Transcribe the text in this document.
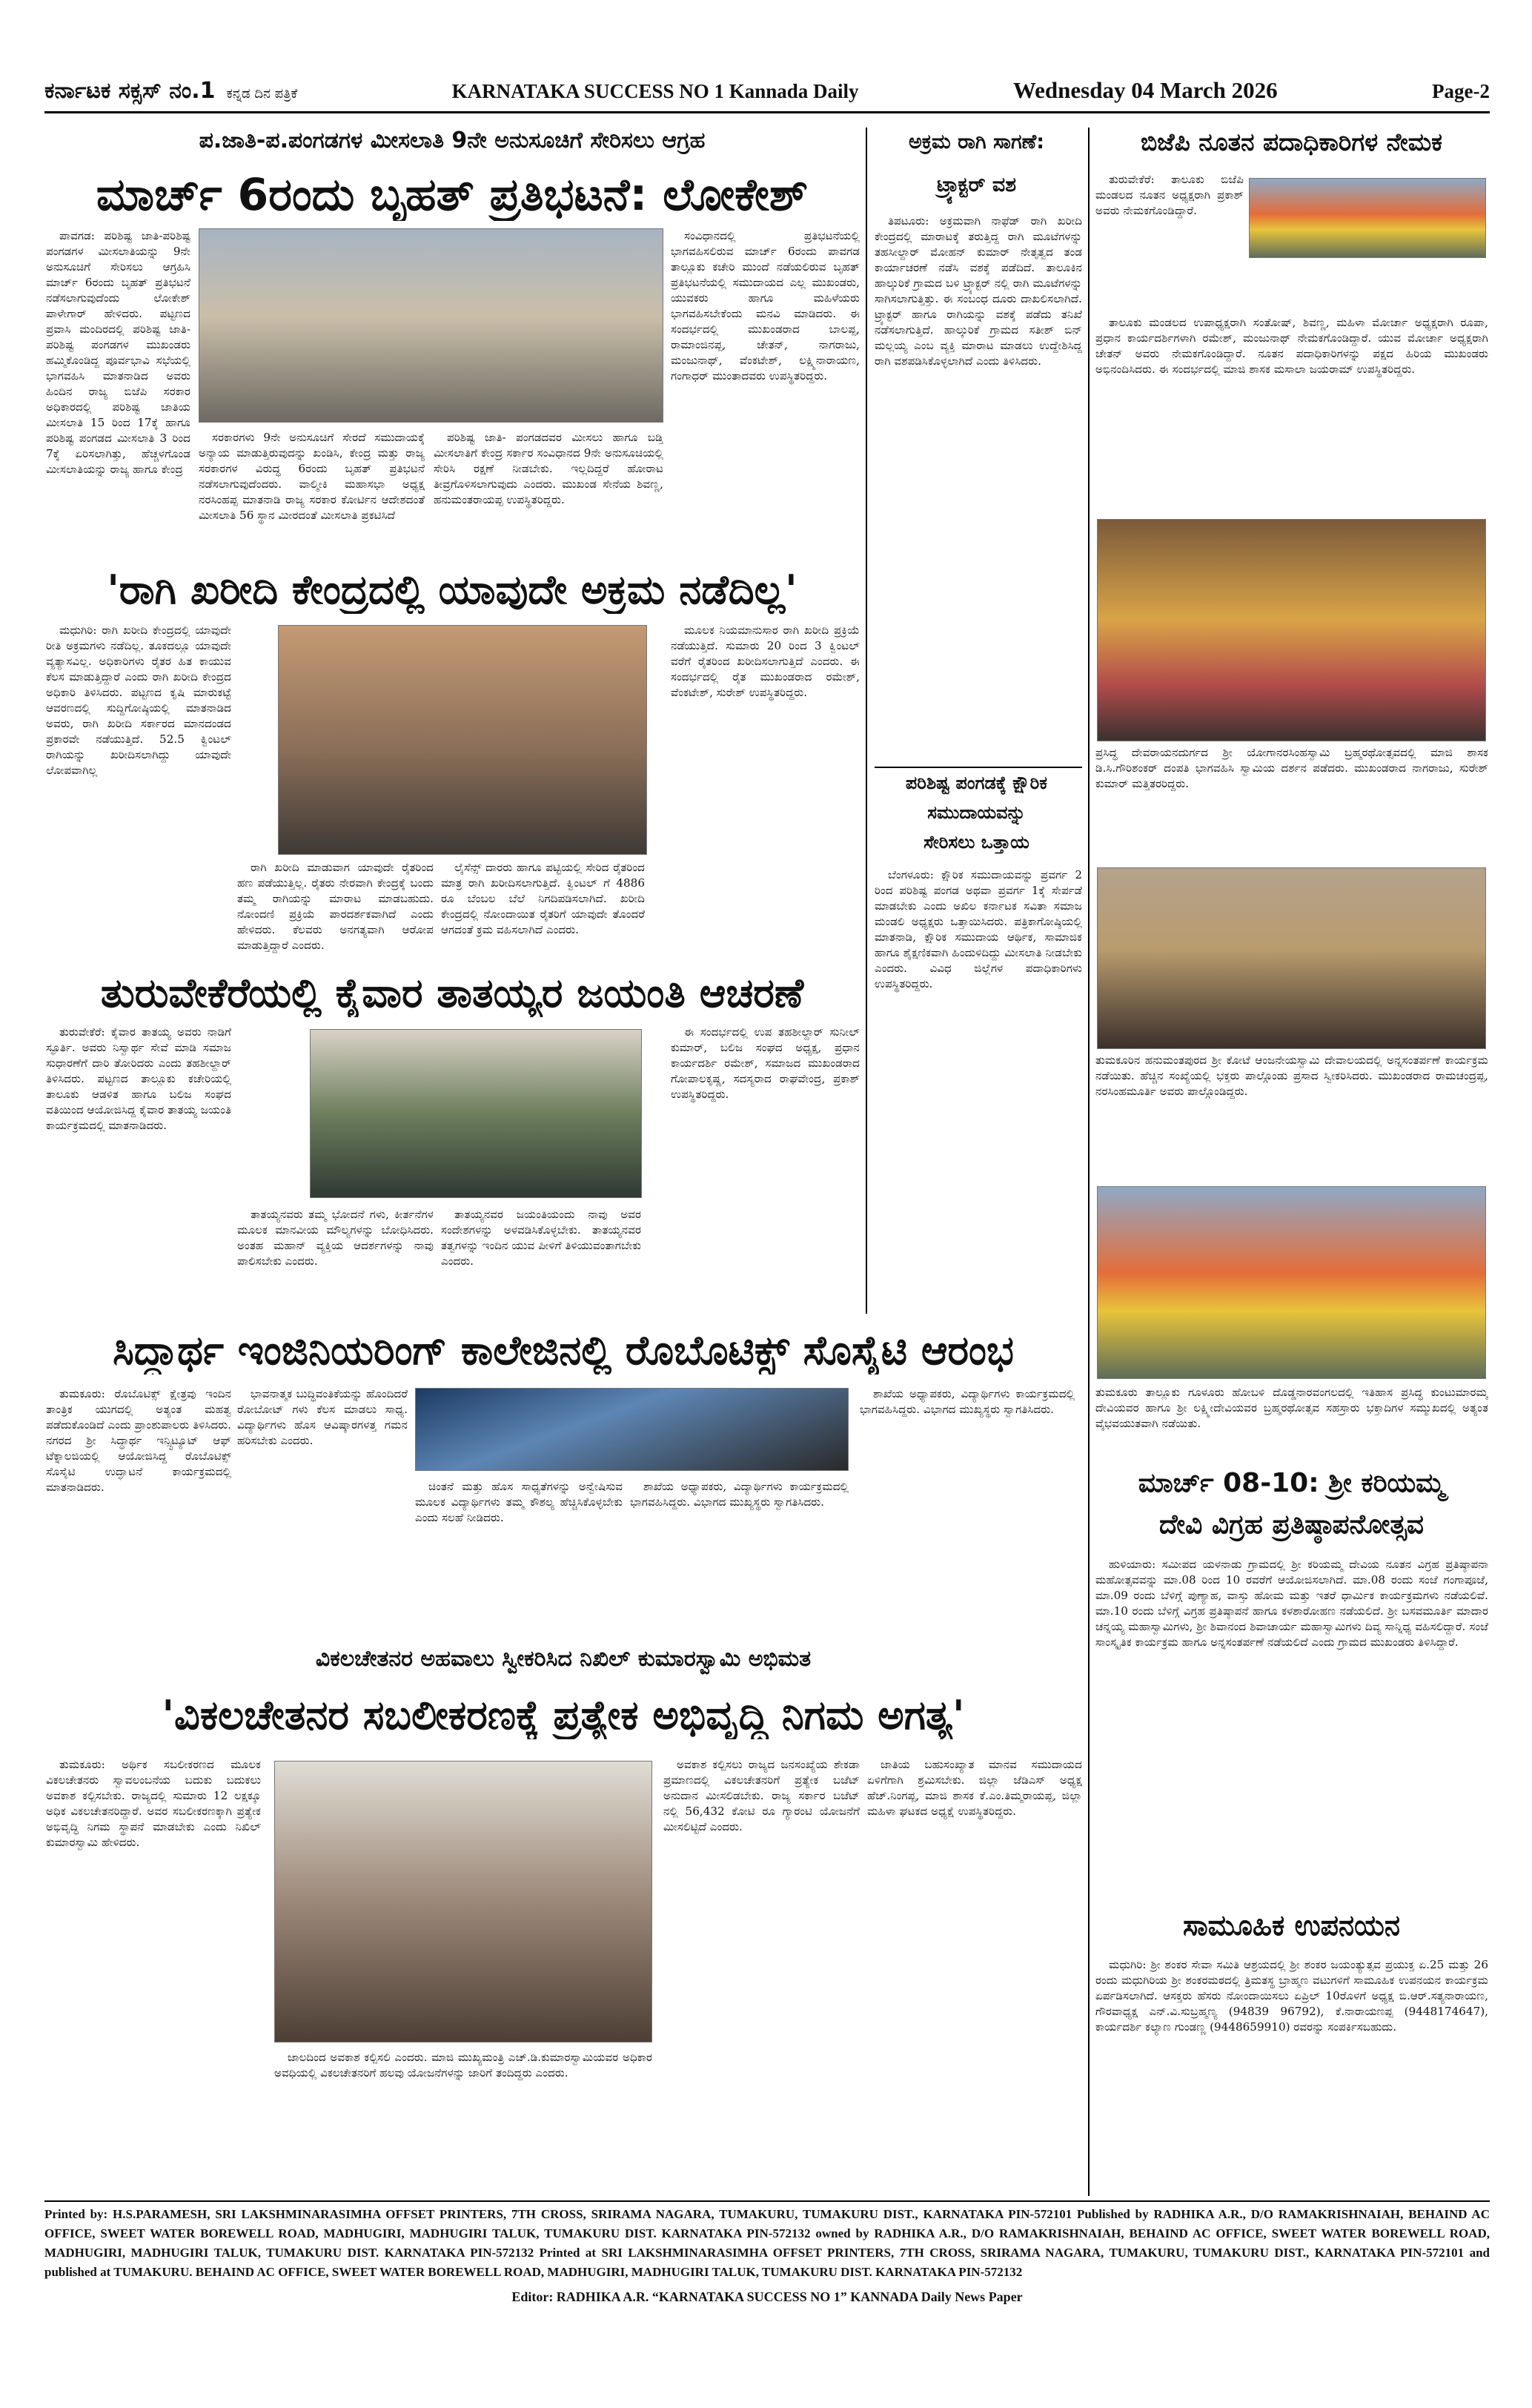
ಕರ್ನಾಟಕ ಸಕ್ಸಸ್ ನಂ.1 ಕನ್ನಡ ದಿನ ಪತ್ರಿಕೆ	KARNATAKA SUCCESS NO 1 Kannada Daily	Wednesday 04 March 2026	Page-2
ಪ.ಜಾತಿ-ಪ.ಪಂಗಡಗಳ ಮೀಸಲಾತಿ 9ನೇ ಅನುಸೂಚಿಗೆ ಸೇರಿಸಲು ಆಗ್ರಹ
ಮಾರ್ಚ್ 6ರಂದು ಬೃಹತ್ ಪ್ರತಿಭಟನೆ: ಲೋಕೇಶ್

ಪಾವಗಡ: ಪರಿಶಿಷ್ಟ ಜಾತಿ-ಪರಿಶಿಷ್ಟ ಪಂಗಡಗಳ ಮೀಸಲಾತಿಯನ್ನು 9ನೇ ಅನುಸೂಚಿಗೆ ಸೇರಿಸಲು ಆಗ್ರಹಿಸಿ ಮಾರ್ಚ್ 6ರಂದು ಬೃಹತ್ ಪ್ರತಿಭಟನೆ ನಡೆಸಲಾಗುವುದೆಂದು ಲೋಕೇಶ್ ಪಾಳೇಗಾರ್ ಹೇಳಿದರು. ಪಟ್ಟಣದ ಪ್ರವಾಸಿ ಮಂದಿರದಲ್ಲಿ ಪರಿಶಿಷ್ಟ ಜಾತಿ-ಪರಿಶಿಷ್ಟ ಪಂಗಡಗಳ ಮುಖಂಡರು ಹಮ್ಮಿಕೊಂಡಿದ್ದ ಪೂರ್ವಭಾವಿ ಸಭೆಯಲ್ಲಿ ಭಾಗವಹಿಸಿ ಮಾತನಾಡಿದ ಅವರು ಹಿಂದಿನ ರಾಜ್ಯ ಬಿಜೆಪಿ ಸರಕಾರ ಅಧಿಕಾರದಲ್ಲಿ ಪರಿಶಿಷ್ಟ ಜಾತಿಯ ಮೀಸಲಾತಿ 15 ರಿಂದ 17ಕ್ಕೆ ಹಾಗೂ ಪರಿಶಿಷ್ಟ ಪಂಗಡದ ಮೀಸಲಾತಿ 3 ರಿಂದ 7ಕ್ಕೆ ಏರಿಸಲಾಗಿತ್ತು, ಹೆಚ್ಚಳಗೊಂಡ ಮೀಸಲಾತಿಯನ್ನು ರಾಜ್ಯ ಹಾಗೂ ಕೇಂದ್ರ

ಸರಕಾರಗಳು 9ನೇ ಅನುಸೂಚಿಗೆ ಸೇರದೆ ಸಮುದಾಯಕ್ಕೆ ಅನ್ಯಾಯ ಮಾಡುತ್ತಿರುವುದನ್ನು ಖಂಡಿಸಿ, ಕೇಂದ್ರ ಮತ್ತು ರಾಜ್ಯ ಸರಕಾರಗಳ ವಿರುದ್ಧ 6ರಂದು ಬೃಹತ್ ಪ್ರತಿಭಟನೆ ನಡೆಸಲಾಗುವುದೆಂದರು. ವಾಲ್ಮೀಕಿ ಮಹಾಸಭಾ ಅಧ್ಯಕ್ಷ ನರಸಿಂಹಪ್ಪ ಮಾತನಾಡಿ ರಾಜ್ಯ ಸರಕಾರ ಕೋರ್ಟಿನ ಆದೇಶದಂತೆ ಮೀಸಲಾತಿ 56 ಸ್ಥಾನ ಮೀರದಂತೆ ಮೀಸಲಾತಿ ಪ್ರಕಟಿಸಿದೆ

ಪರಿಶಿಷ್ಟ ಜಾತಿ- ಪಂಗಡದವರ ಮೀಸಲು ಹಾಗೂ ಬಡ್ತಿ ಮೀಸಲಾತಿಗೆ ಕೇಂದ್ರ ಸರ್ಕಾರ ಸಂವಿಧಾನದ 9ನೇ ಅನುಸೂಚಿಯಲ್ಲಿ ಸೇರಿಸಿ ರಕ್ಷಣೆ ನೀಡಬೇಕು. ಇಲ್ಲದಿದ್ದರೆ ಹೋರಾಟ ತೀವ್ರಗೊಳಿಸಲಾಗುವುದು ಎಂದರು. ಮುಖಂಡ ಸೇನೆಯ ಶಿವಣ್ಣ, ಹನುಮಂತರಾಯಪ್ಪ ಉಪಸ್ಥಿತರಿದ್ದರು.

ಸಂವಿಧಾನದಲ್ಲಿ ಪ್ರತಿಭಟನೆಯಲ್ಲಿ ಭಾಗವಹಿಸಲಿರುವ ಮಾರ್ಚ್ 6ರಂದು ಪಾವಗಡ ತಾಲ್ಲೂಕು ಕಚೇರಿ ಮುಂದೆ ನಡೆಯಲಿರುವ ಬೃಹತ್ ಪ್ರತಿಭಟನೆಯಲ್ಲಿ ಸಮುದಾಯದ ಎಲ್ಲ ಮುಖಂಡರು, ಯುವಕರು ಹಾಗೂ ಮಹಿಳೆಯರು ಭಾಗವಹಿಸಬೇಕೆಂದು ಮನವಿ ಮಾಡಿದರು. ಈ ಸಂದರ್ಭದಲ್ಲಿ ಮುಖಂಡರಾದ ಬಾಲಪ್ಪ, ರಾಮಾಂಜಿನಪ್ಪ, ಚೇತನ್, ನಾಗರಾಜು, ಮಂಜುನಾಥ್, ವೆಂಕಟೇಶ್, ಲಕ್ಷ್ಮಿನಾರಾಯಣ, ಗಂಗಾಧರ್ ಮುಂತಾದವರು ಉಪಸ್ಥಿತರಿದ್ದರು.

'ರಾಗಿ ಖರೀದಿ ಕೇಂದ್ರದಲ್ಲಿ ಯಾವುದೇ ಅಕ್ರಮ ನಡೆದಿಲ್ಲ'

ಮಧುಗಿರಿ: ರಾಗಿ ಖರೀದಿ ಕೇಂದ್ರದಲ್ಲಿ ಯಾವುದೇ ರೀತಿ ಅಕ್ರಮಗಳು ನಡೆದಿಲ್ಲ. ತೂಕದಲ್ಲೂ ಯಾವುದೇ ವ್ಯತ್ಯಾಸವಿಲ್ಲ. ಅಧಿಕಾರಿಗಳು ರೈತರ ಹಿತ ಕಾಯುವ ಕೆಲಸ ಮಾಡುತ್ತಿದ್ದಾರೆ ಎಂದು ರಾಗಿ ಖರೀದಿ ಕೇಂದ್ರದ ಅಧಿಕಾರಿ ತಿಳಿಸಿದರು. ಪಟ್ಟಣದ ಕೃಷಿ ಮಾರುಕಟ್ಟೆ ಆವರಣದಲ್ಲಿ ಸುದ್ದಿಗೋಷ್ಠಿಯಲ್ಲಿ ಮಾತನಾಡಿದ ಅವರು, ರಾಗಿ ಖರೀದಿ ಸರ್ಕಾರದ ಮಾನದಂಡದ ಪ್ರಕಾರವೇ ನಡೆಯುತ್ತಿದೆ. 52.5 ಕ್ವಿಂಟಲ್ ರಾಗಿಯನ್ನು ಖರೀದಿಸಲಾಗಿದ್ದು ಯಾವುದೇ ಲೋಪವಾಗಿಲ್ಲ

ರಾಗಿ ಖರೀದಿ ಮಾಡುವಾಗ ಯಾವುದೇ ರೈತರಿಂದ ಹಣ ಪಡೆಯುತ್ತಿಲ್ಲ. ರೈತರು ನೇರವಾಗಿ ಕೇಂದ್ರಕ್ಕೆ ಬಂದು ತಮ್ಮ ರಾಗಿಯನ್ನು ಮಾರಾಟ ಮಾಡಬಹುದು. ನೋಂದಣಿ ಪ್ರಕ್ರಿಯೆ ಪಾರದರ್ಶಕವಾಗಿದೆ ಎಂದು ಹೇಳಿದರು. ಕೆಲವರು ಅನಗತ್ಯವಾಗಿ ಆರೋಪ ಮಾಡುತ್ತಿದ್ದಾರೆ ಎಂದರು.

ಲೈಸೆನ್ಸ್ ದಾರರು ಹಾಗೂ ಪಟ್ಟಿಯಲ್ಲಿ ಸೇರಿದ ರೈತರಿಂದ ಮಾತ್ರ ರಾಗಿ ಖರೀದಿಸಲಾಗುತ್ತಿದೆ. ಕ್ವಿಂಟಲ್ ಗೆ 4886 ರೂ ಬೆಂಬಲ ಬೆಲೆ ನಿಗದಿಪಡಿಸಲಾಗಿದೆ. ಖರೀದಿ ಕೇಂದ್ರದಲ್ಲಿ ನೋಂದಾಯಿತ ರೈತರಿಗೆ ಯಾವುದೇ ತೊಂದರೆ ಆಗದಂತೆ ಕ್ರಮ ವಹಿಸಲಾಗಿದೆ ಎಂದರು.

ಮೂಲಕ ನಿಯಮಾನುಸಾರ ರಾಗಿ ಖರೀದಿ ಪ್ರಕ್ರಿಯೆ ನಡೆಯುತ್ತಿದೆ. ಸುಮಾರು 20 ರಿಂದ 3 ಕ್ವಿಂಟಲ್ ವರೆಗೆ ರೈತರಿಂದ ಖರೀದಿಸಲಾಗುತ್ತಿದೆ ಎಂದರು. ಈ ಸಂದರ್ಭದಲ್ಲಿ ರೈತ ಮುಖಂಡರಾದ ರಮೇಶ್, ವೆಂಕಟೇಶ್, ಸುರೇಶ್ ಉಪಸ್ಥಿತರಿದ್ದರು.

ತುರುವೇಕೆರೆಯಲ್ಲಿ ಕೈವಾರ ತಾತಯ್ಯರ ಜಯಂತಿ ಆಚರಣೆ

ತುರುವೇಕೆರೆ: ಕೈವಾರ ತಾತಯ್ಯ ಅವರು ನಾಡಿಗೆ ಸ್ಫೂರ್ತಿ. ಅವರು ನಿಸ್ವಾರ್ಥ ಸೇವೆ ಮಾಡಿ ಸಮಾಜ ಸುಧಾರಣೆಗೆ ದಾರಿ ತೋರಿದರು ಎಂದು ತಹಶೀಲ್ದಾರ್ ತಿಳಿಸಿದರು. ಪಟ್ಟಣದ ತಾಲ್ಲೂಕು ಕಚೇರಿಯಲ್ಲಿ ತಾಲೂಕು ಆಡಳಿತ ಹಾಗೂ ಬಲಿಜ ಸಂಘದ ವತಿಯಿಂದ ಆಯೋಜಿಸಿದ್ದ ಕೈವಾರ ತಾತಯ್ಯ ಜಯಂತಿ ಕಾರ್ಯಕ್ರಮದಲ್ಲಿ ಮಾತನಾಡಿದರು.

ತಾತಯ್ಯನವರು ತಮ್ಮ ಭೋದನೆ ಗಳು, ಕೀರ್ತನೆಗಳ ಮೂಲಕ ಮಾನವೀಯ ಮೌಲ್ಯಗಳನ್ನು ಬೋಧಿಸಿದರು. ಅಂತಹ ಮಹಾನ್ ವ್ಯಕ್ತಿಯ ಆದರ್ಶಗಳನ್ನು ನಾವು ಪಾಲಿಸಬೇಕು ಎಂದರು.

ತಾತಯ್ಯನವರ ಜಯಂತಿಯಂದು ನಾವು ಅವರ ಸಂದೇಶಗಳನ್ನು ಅಳವಡಿಸಿಕೊಳ್ಳಬೇಕು. ತಾತಯ್ಯನವರ ತತ್ವಗಳನ್ನು ಇಂದಿನ ಯುವ ಪೀಳಿಗೆ ತಿಳಿಯುವಂತಾಗಬೇಕು ಎಂದರು.

ಈ ಸಂದರ್ಭದಲ್ಲಿ ಉಪ ತಹಶೀಲ್ದಾರ್ ಸುನೀಲ್ ಕುಮಾರ್, ಬಲಿಜ ಸಂಘದ ಅಧ್ಯಕ್ಷ, ಪ್ರಧಾನ ಕಾರ್ಯದರ್ಶಿ ರಮೇಶ್, ಸಮಾಜದ ಮುಖಂಡರಾದ ಗೋಪಾಲಕೃಷ್ಣ, ಸದಸ್ಯರಾದ ರಾಘವೇಂದ್ರ, ಪ್ರಕಾಶ್ ಉಪಸ್ಥಿತರಿದ್ದರು.

ಸಿದ್ಧಾರ್ಥ ಇಂಜಿನಿಯರಿಂಗ್ ಕಾಲೇಜಿನಲ್ಲಿ ರೊಬೊಟಿಕ್ಸ್ ಸೊಸೈಟಿ ಆರಂಭ

ತುಮಕೂರು: ರೊಬೊಟಿಕ್ಸ್ ಕ್ಷೇತ್ರವು ಇಂದಿನ ತಾಂತ್ರಿಕ ಯುಗದಲ್ಲಿ ಅತ್ಯಂತ ಮಹತ್ವ ಪಡೆದುಕೊಂಡಿದೆ ಎಂದು ಪ್ರಾಂಶುಪಾಲರು ತಿಳಿಸಿದರು. ನಗರದ ಶ್ರೀ ಸಿದ್ಧಾರ್ಥ ಇನ್ಸ್ಟಿಟ್ಯೂಟ್ ಆಫ್ ಟೆಕ್ನಾಲಜಿಯಲ್ಲಿ ಆಯೋಜಿಸಿದ್ದ ರೊಬೊಟಿಕ್ಸ್ ಸೊಸೈಟಿ ಉದ್ಘಾಟನೆ ಕಾರ್ಯಕ್ರಮದಲ್ಲಿ ಮಾತನಾಡಿದರು.

ಭಾವನಾತ್ಮಕ ಬುದ್ಧಿವಂತಿಕೆಯನ್ನು ಹೊಂದಿದರೆ ರೋಬೋಟ್ ಗಳು ಕೆಲಸ ಮಾಡಲು ಸಾಧ್ಯ. ವಿದ್ಯಾರ್ಥಿಗಳು ಹೊಸ ಆವಿಷ್ಕಾರಗಳತ್ತ ಗಮನ ಹರಿಸಬೇಕು ಎಂದರು.

ಚಿಂತನೆ ಮತ್ತು ಹೊಸ ಸಾಧ್ಯತೆಗಳನ್ನು ಅನ್ವೇಷಿಸುವ ಮೂಲಕ ವಿದ್ಯಾರ್ಥಿಗಳು ತಮ್ಮ ಕೌಶಲ್ಯ ಹೆಚ್ಚಿಸಿಕೊಳ್ಳಬೇಕು ಎಂದು ಸಲಹೆ ನೀಡಿದರು.

ಶಾಖೆಯ ಅಧ್ಯಾಪಕರು, ವಿದ್ಯಾರ್ಥಿಗಳು ಕಾರ್ಯಕ್ರಮದಲ್ಲಿ ಭಾಗವಹಿಸಿದ್ದರು. ವಿಭಾಗದ ಮುಖ್ಯಸ್ಥರು ಸ್ವಾಗತಿಸಿದರು.

ಶಾಖೆಯ ಅಧ್ಯಾಪಕರು, ವಿದ್ಯಾರ್ಥಿಗಳು ಕಾರ್ಯಕ್ರಮದಲ್ಲಿ ಭಾಗವಹಿಸಿದ್ದರು. ವಿಭಾಗದ ಮುಖ್ಯಸ್ಥರು ಸ್ವಾಗತಿಸಿದರು.

ವಿಕಲಚೇತನರ ಅಹವಾಲು ಸ್ವೀಕರಿಸಿದ ನಿಖಿಲ್ ಕುಮಾರಸ್ವಾಮಿ ಅಭಿಮತ
'ವಿಕಲಚೇತನರ ಸಬಲೀಕರಣಕ್ಕೆ ಪ್ರತ್ಯೇಕ ಅಭಿವೃದ್ಧಿ ನಿಗಮ ಅಗತ್ಯ'

ತುಮಕೂರು: ಅರ್ಥಿಕ ಸಬಲೀಕರಣದ ಮೂಲಕ ವಿಕಲಚೇತನರು ಸ್ವಾವಲಂಬನೆಯ ಬದುಕು ಬದುಕಲು ಅವಕಾಶ ಕಲ್ಪಿಸಬೇಕು. ರಾಜ್ಯದಲ್ಲಿ ಸುಮಾರು 12 ಲಕ್ಷಕ್ಕೂ ಅಧಿಕ ವಿಕಲಚೇತನರಿದ್ದಾರೆ. ಅವರ ಸಬಲೀಕರಣಕ್ಕಾಗಿ ಪ್ರತ್ಯೇಕ ಅಭಿವೃದ್ಧಿ ನಿಗಮ ಸ್ಥಾಪನೆ ಮಾಡಬೇಕು ಎಂದು ನಿಖಿಲ್ ಕುಮಾರಸ್ವಾಮಿ ಹೇಳಿದರು.

ಜಾಲದಿಂದ ಅವಕಾಶ ಕಲ್ಪಿಸಲಿ ಎಂದರು. ಮಾಜಿ ಮುಖ್ಯಮಂತ್ರಿ ಎಚ್.ಡಿ.ಕುಮಾರಸ್ವಾಮಿಯವರ ಅಧಿಕಾರ ಅವಧಿಯಲ್ಲಿ ವಿಕಲಚೇತನರಿಗೆ ಹಲವು ಯೋಜನೆಗಳನ್ನು ಜಾರಿಗೆ ತಂದಿದ್ದರು ಎಂದರು.

ಅವಕಾಶ ಕಲ್ಪಿಸಲು ರಾಜ್ಯದ ಜನಸಂಖ್ಯೆಯ ಶೇಕಡಾ ಪ್ರಮಾಣದಲ್ಲಿ ವಿಕಲಚೇತನರಿಗೆ ಪ್ರತ್ಯೇಕ ಬಜೆಟ್ ಅನುದಾನ ಮೀಸಲಿಡಬೇಕು. ರಾಜ್ಯ ಸರ್ಕಾರ ಬಜೆಟ್ ನಲ್ಲಿ 56,432 ಕೋಟಿ ರೂ ಗ್ಯಾರಂಟಿ ಯೋಜನೆಗೆ ಮೀಸಲಿಟ್ಟಿದೆ ಎಂದರು.

ಜಾತಿಯ ಬಹುಸಂಖ್ಯಾತ ಮಾನವ ಸಮುದಾಯದ ಏಳಿಗೆಗಾಗಿ ಶ್ರಮಿಸಬೇಕು. ಜಿಲ್ಲಾ ಜೆಡಿಎಸ್ ಅಧ್ಯಕ್ಷ ಹೆಚ್.ನಿಂಗಪ್ಪ, ಮಾಜಿ ಶಾಸಕ ಕೆ.ಎಂ.ತಿಮ್ಮರಾಯಪ್ಪ, ಜಿಲ್ಲಾ ಮಹಿಳಾ ಘಟಕದ ಅಧ್ಯಕ್ಷೆ ಉಪಸ್ಥಿತರಿದ್ದರು.

ಅಕ್ರಮ ರಾಗಿ ಸಾಗಣೆ:
ಟ್ರ್ಯಾಕ್ಟರ್ ವಶ

ತಿಪಟೂರು: ಅಕ್ರಮವಾಗಿ ನಾಫೆಡ್ ರಾಗಿ ಖರೀದಿ ಕೇಂದ್ರದಲ್ಲಿ ಮಾರಾಟಕ್ಕೆ ತರುತ್ತಿದ್ದ ರಾಗಿ ಮೂಟೆಗಳನ್ನು ತಹಸೀಲ್ದಾರ್ ಮೋಹನ್ ಕುಮಾರ್ ನೇತೃತ್ವದ ತಂಡ ಕಾರ್ಯಾಚರಣೆ ನಡೆಸಿ ವಶಕ್ಕೆ ಪಡೆದಿದೆ. ತಾಲೂಕಿನ ಹಾಲ್ಕುರಿಕೆ ಗ್ರಾಮದ ಬಳಿ ಟ್ರ್ಯಾಕ್ಟರ್ ನಲ್ಲಿ ರಾಗಿ ಮೂಟೆಗಳನ್ನು ಸಾಗಿಸಲಾಗುತ್ತಿತ್ತು. ಈ ಸಂಬಂಧ ದೂರು ದಾಖಲಿಸಲಾಗಿದೆ. ಟ್ರ್ಯಾಕ್ಟರ್ ಹಾಗೂ ರಾಗಿಯನ್ನು ವಶಕ್ಕೆ ಪಡೆದು ತನಿಖೆ ನಡೆಸಲಾಗುತ್ತಿದೆ. ಹಾಲ್ಕುರಿಕೆ ಗ್ರಾಮದ ಸತೀಶ್ ಬಿನ್ ಮಲ್ಲಯ್ಯ ಎಂಬ ವ್ಯಕ್ತಿ ಮಾರಾಟ ಮಾಡಲು ಉದ್ದೇಶಿಸಿದ್ದ ರಾಗಿ ವಶಪಡಿಸಿಕೊಳ್ಳಲಾಗಿದೆ ಎಂದು ತಿಳಿಸಿದರು.

ಪರಿಶಿಷ್ಟ ಪಂಗಡಕ್ಕೆ ಕ್ಷೌರಿಕ
ಸಮುದಾಯವನ್ನು
ಸೇರಿಸಲು ಒತ್ತಾಯ

ಬೆಂಗಳೂರು: ಕ್ಷೌರಿಕ ಸಮುದಾಯವನ್ನು ಪ್ರವರ್ಗ 2 ರಿಂದ ಪರಿಶಿಷ್ಟ ಪಂಗಡ ಅಥವಾ ಪ್ರವರ್ಗ 1ಕ್ಕೆ ಸೇರ್ಪಡೆ ಮಾಡಬೇಕು ಎಂದು ಅಖಿಲ ಕರ್ನಾಟಕ ಸವಿತಾ ಸಮಾಜ ಮಂಡಲಿ ಅಧ್ಯಕ್ಷರು ಒತ್ತಾಯಿಸಿದರು. ಪತ್ರಿಕಾಗೋಷ್ಠಿಯಲ್ಲಿ ಮಾತನಾಡಿ, ಕ್ಷೌರಿಕ ಸಮುದಾಯ ಆರ್ಥಿಕ, ಸಾಮಾಜಿಕ ಹಾಗೂ ಶೈಕ್ಷಣಿಕವಾಗಿ ಹಿಂದುಳಿದಿದ್ದು ಮೀಸಲಾತಿ ನೀಡಬೇಕು ಎಂದರು. ವಿವಿಧ ಜಿಲ್ಲೆಗಳ ಪದಾಧಿಕಾರಿಗಳು ಉಪಸ್ಥಿತರಿದ್ದರು.

ಬಿಜೆಪಿ ನೂತನ ಪದಾಧಿಕಾರಿಗಳ ನೇಮಕ

ತುರುವೇಕೆರೆ: ತಾಲೂಕು ಬಿಜೆಪಿ ಮಂಡಲದ ನೂತನ ಅಧ್ಯಕ್ಷರಾಗಿ ಪ್ರಕಾಶ್ ಅವರು ನೇಮಕಗೊಂಡಿದ್ದಾರೆ.

ತಾಲೂಕು ಮಂಡಲದ ಉಪಾಧ್ಯಕ್ಷರಾಗಿ ಸಂತೋಷ್, ಶಿವಣ್ಣ, ಮಹಿಳಾ ಮೋರ್ಚಾ ಅಧ್ಯಕ್ಷರಾಗಿ ರೂಪಾ, ಪ್ರಧಾನ ಕಾರ್ಯದರ್ಶಿಗಳಾಗಿ ರಮೇಶ್, ಮಂಜುನಾಥ್ ನೇಮಕಗೊಂಡಿದ್ದಾರೆ. ಯುವ ಮೋರ್ಚಾ ಅಧ್ಯಕ್ಷರಾಗಿ ಚೇತನ್ ಅವರು ನೇಮಕಗೊಂಡಿದ್ದಾರೆ. ನೂತನ ಪದಾಧಿಕಾರಿಗಳನ್ನು ಪಕ್ಷದ ಹಿರಿಯ ಮುಖಂಡರು ಅಭಿನಂದಿಸಿದರು. ಈ ಸಂದರ್ಭದಲ್ಲಿ ಮಾಜಿ ಶಾಸಕ ಮಸಾಲಾ ಜಯರಾಮ್ ಉಪಸ್ಥಿತರಿದ್ದರು.

ಪ್ರಸಿದ್ಧ ದೇವರಾಯನದುರ್ಗದ ಶ್ರೀ ಯೋಗಾನರಸಿಂಹಸ್ವಾಮಿ ಬ್ರಹ್ಮರಥೋತ್ಸವದಲ್ಲಿ ಮಾಜಿ ಶಾಸಕ ಡಿ.ಸಿ.ಗೌರಿಶಂಕರ್ ದಂಪತಿ ಭಾಗವಹಿಸಿ ಸ್ವಾಮಿಯ ದರ್ಶನ ಪಡೆದರು. ಮುಖಂಡರಾದ ನಾಗರಾಜು, ಸುರೇಶ್ ಕುಮಾರ್ ಮತ್ತಿತರರಿದ್ದರು.
ತುಮಕೂರಿನ ಹನುಮಂತಪುರದ ಶ್ರೀ ಕೋಟೆ ಆಂಜನೇಯಸ್ವಾಮಿ ದೇವಾಲಯದಲ್ಲಿ ಅನ್ನಸಂತರ್ಪಣೆ ಕಾರ್ಯಕ್ರಮ ನಡೆಯಿತು. ಹೆಚ್ಚಿನ ಸಂಖ್ಯೆಯಲ್ಲಿ ಭಕ್ತರು ಪಾಲ್ಗೊಂಡು ಪ್ರಸಾದ ಸ್ವೀಕರಿಸಿದರು. ಮುಖಂಡರಾದ ರಾಮಚಂದ್ರಪ್ಪ, ನರಸಿಂಹಮೂರ್ತಿ ಅವರು ಪಾಲ್ಗೊಂಡಿದ್ದರು.
ತುಮಕೂರು ತಾಲ್ಲೂಕು ಗೂಳೂರು ಹೋಬಳಿ ದೊಡ್ಡನಾರವಂಗಲದಲ್ಲಿ ಇತಿಹಾಸ ಪ್ರಸಿದ್ಧ ಕುಂಟುಮಾರಮ್ಮ ದೇವಿಯವರ ಹಾಗೂ ಶ್ರೀ ಲಕ್ಷ್ಮೀದೇವಿಯವರ ಬ್ರಹ್ಮರಥೋತ್ಸವ ಸಹಸ್ರಾರು ಭಕ್ತಾದಿಗಳ ಸಮ್ಮುಖದಲ್ಲಿ ಅತ್ಯಂತ ವೈಭವಯುತವಾಗಿ ನಡೆಯಿತು.
ಮಾರ್ಚ್ 08-10: ಶ್ರೀ ಕರಿಯಮ್ಮ
ದೇವಿ ವಿಗ್ರಹ ಪ್ರತಿಷ್ಠಾಪನೋತ್ಸವ

ಹುಳಿಯಾರು: ಸಮೀಪದ ಯಳನಾಡು ಗ್ರಾಮದಲ್ಲಿ ಶ್ರೀ ಕರಿಯಮ್ಮ ದೇವಿಯ ನೂತನ ವಿಗ್ರಹ ಪ್ರತಿಷ್ಠಾಪನಾ ಮಹೋತ್ಸವವನ್ನು ಮಾ.08 ರಿಂದ 10 ರವರೆಗೆ ಆಯೋಜಿಸಲಾಗಿದೆ. ಮಾ.08 ರಂದು ಸಂಜೆ ಗಂಗಾಪೂಜೆ, ಮಾ.09 ರಂದು ಬೆಳಿಗ್ಗೆ ಪುಣ್ಯಾಹ, ವಾಸ್ತು ಹೋಮ ಮತ್ತು ಇತರೆ ಧಾರ್ಮಿಕ ಕಾರ್ಯಕ್ರಮಗಳು ನಡೆಯಲಿವೆ. ಮಾ.10 ರಂದು ಬೆಳಿಗ್ಗೆ ವಿಗ್ರಹ ಪ್ರತಿಷ್ಠಾಪನೆ ಹಾಗೂ ಕಳಶಾರೋಹಣ ನಡೆಯಲಿದೆ. ಶ್ರೀ ಬಸವಮೂರ್ತಿ ಮಾದಾರ ಚನ್ನಯ್ಯ ಮಹಾಸ್ವಾಮಿಗಳು, ಶ್ರೀ ಶಿವಾನಂದ ಶಿವಾಚಾರ್ಯ ಮಹಾಸ್ವಾಮಿಗಳು ದಿವ್ಯ ಸಾನ್ನಿಧ್ಯ ವಹಿಸಲಿದ್ದಾರೆ. ಸಂಜೆ ಸಾಂಸ್ಕೃತಿಕ ಕಾರ್ಯಕ್ರಮ ಹಾಗೂ ಅನ್ನಸಂತರ್ಪಣೆ ನಡೆಯಲಿದೆ ಎಂದು ಗ್ರಾಮದ ಮುಖಂಡರು ತಿಳಿಸಿದ್ದಾರೆ.

ಸಾಮೂಹಿಕ ಉಪನಯನ

ಮಧುಗಿರಿ: ಶ್ರೀ ಶಂಕರ ಸೇವಾ ಸಮಿತಿ ಆಶ್ರಯದಲ್ಲಿ ಶ್ರೀ ಶಂಕರ ಜಯಂತ್ಯುತ್ಸವ ಪ್ರಯುಕ್ತ ಏ.25 ಮತ್ತು 26 ರಂದು ಮಧುಗಿರಿಯ ಶ್ರೀ ಶಂಕರಮಠದಲ್ಲಿ ತ್ರಿಮತಸ್ಥ ಬ್ರಾಹ್ಮಣ ವಟುಗಳಿಗೆ ಸಾಮೂಹಿಕ ಉಪನಯನ ಕಾರ್ಯಕ್ರಮ ಏರ್ಪಡಿಸಲಾಗಿದೆ. ಆಸಕ್ತರು ಹೆಸರು ನೋಂದಾಯಿಸಲು ಏಪ್ರಿಲ್ 10ರೊಳಗೆ ಅಧ್ಯಕ್ಷ ಬಿ.ಆರ್.ಸತ್ಯನಾರಾಯಣ, ಗೌರವಾಧ್ಯಕ್ಷ ಎನ್.ವಿ.ಸುಬ್ರಹ್ಮಣ್ಯ (94839 96792), ಕೆ.ನಾರಾಯಣಪ್ಪ (9448174647), ಕಾರ್ಯದರ್ಶಿ ಕಲ್ಯಾಣ ಗುಂಡಣ್ಣ (9448659910) ರವರನ್ನು ಸಂಪರ್ಕಿಸಬಹುದು.

Printed by: H.S.PARAMESH, SRI LAKSHMINARASIMHA OFFSET PRINTERS, 7TH CROSS, SRIRAMA NAGARA, TUMAKURU, TUMAKURU DIST., KARNATAKA PIN-572101 Published by RADHIKA A.R., D/O RAMAKRISHNAIAH, BEHAIND AC OFFICE, SWEET WATER BOREWELL ROAD, MADHUGIRI, MADHUGIRI TALUK, TUMAKURU DIST. KARNATAKA PIN-572132 owned by RADHIKA A.R., D/O RAMAKRISHNAIAH, BEHAIND AC OFFICE, SWEET WATER BOREWELL ROAD, MADHUGIRI, MADHUGIRI TALUK, TUMAKURU DIST. KARNATAKA PIN-572132 Printed at SRI LAKSHMINARASIMHA OFFSET PRINTERS, 7TH CROSS, SRIRAMA NAGARA, TUMAKURU, TUMAKURU DIST., KARNATAKA PIN-572101 and published at TUMAKURU. BEHAIND AC OFFICE, SWEET WATER BOREWELL ROAD, MADHUGIRI, MADHUGIRI TALUK, TUMAKURU DIST. KARNATAKA PIN-572132
Editor: RADHIKA A.R. “KARNATAKA SUCCESS NO 1” KANNADA Daily News Paper
